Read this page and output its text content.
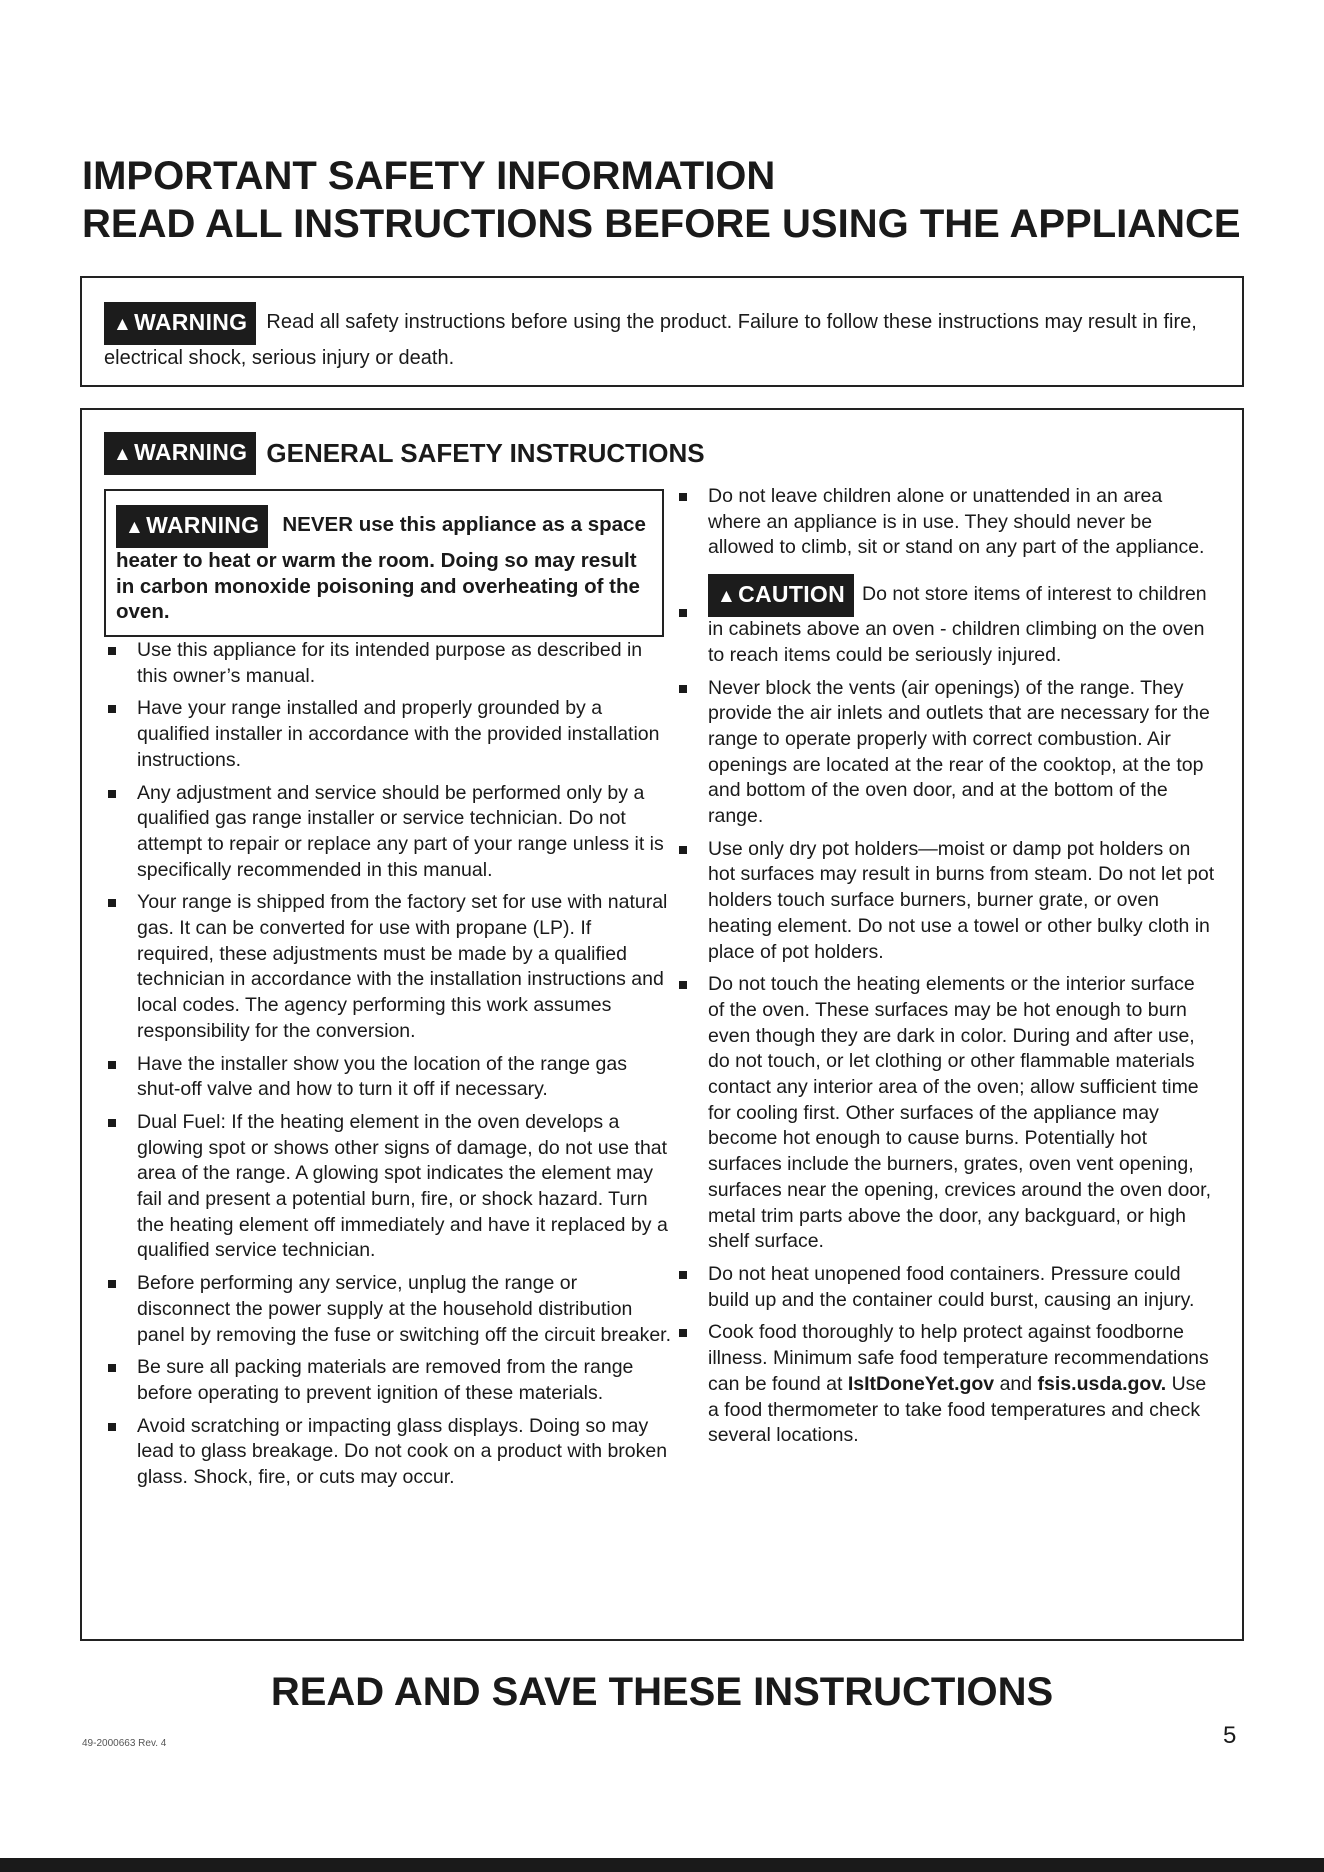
IMPORTANT SAFETY INFORMATION
READ ALL INSTRUCTIONS BEFORE USING THE APPLIANCE

▲WARNING Read all safety instructions before using the product. Failure to follow these instructions may result in fire, electrical shock, serious injury or death.

▲WARNING GENERAL SAFETY INSTRUCTIONS
▲WARNING NEVER use this appliance as a space heater to heat or warm the room. Doing so may result in carbon monoxide poisoning and overheating of the oven.
Use this appliance for its intended purpose as described in this owner’s manual.
Have your range installed and properly grounded by a qualified installer in accordance with the provided installation instructions.
Any adjustment and service should be performed only by a qualified gas range installer or service technician. Do not attempt to repair or replace any part of your range unless it is specifically recommended in this manual.
Your range is shipped from the factory set for use with natural gas. It can be converted for use with propane (LP). If required, these adjustments must be made by a qualified technician in accordance with the installation instructions and local codes. The agency performing this work assumes responsibility for the conversion.
Have the installer show you the location of the range gas shut-off valve and how to turn it off if necessary.
Dual Fuel: If the heating element in the oven develops a glowing spot or shows other signs of damage, do not use that area of the range. A glowing spot indicates the element may fail and present a potential burn, fire, or shock hazard. Turn the heating element off immediately and have it replaced by a qualified service technician.
Before performing any service, unplug the range or disconnect the power supply at the household distribution panel by removing the fuse or switching off the circuit breaker.
Be sure all packing materials are removed from the range before operating to prevent ignition of these materials.
Avoid scratching or impacting glass displays. Doing so may lead to glass breakage. Do not cook on a product with broken glass. Shock, fire, or cuts may occur.
Do not leave children alone or unattended in an area where an appliance is in use. They should never be allowed to climb, sit or stand on any part of the appliance.
▲CAUTION Do not store items of interest to children in cabinets above an oven - children climbing on the oven to reach items could be seriously injured.
Never block the vents (air openings) of the range. They provide the air inlets and outlets that are necessary for the range to operate properly with correct combustion. Air openings are located at the rear of the cooktop, at the top and bottom of the oven door, and at the bottom of the range.
Use only dry pot holders—moist or damp pot holders on hot surfaces may result in burns from steam. Do not let pot holders touch surface burners, burner grate, or oven heating element. Do not use a towel or other bulky cloth in place of pot holders.
Do not touch the heating elements or the interior surface of the oven. These surfaces may be hot enough to burn even though they are dark in color. During and after use, do not touch, or let clothing or other flammable materials contact any interior area of the oven; allow sufficient time for cooling first. Other surfaces of the appliance may become hot enough to cause burns. Potentially hot surfaces include the burners, grates, oven vent opening, surfaces near the opening, crevices around the oven door, metal trim parts above the door, any backguard, or high shelf surface.
Do not heat unopened food containers. Pressure could build up and the container could burst, causing an injury.
Cook food thoroughly to help protect against foodborne illness. Minimum safe food temperature recommendations can be found at IsItDoneYet.gov and fsis.usda.gov. Use a food thermometer to take food temperatures and check several locations.
READ AND SAVE THESE INSTRUCTIONS
49-2000663 Rev. 4	5
